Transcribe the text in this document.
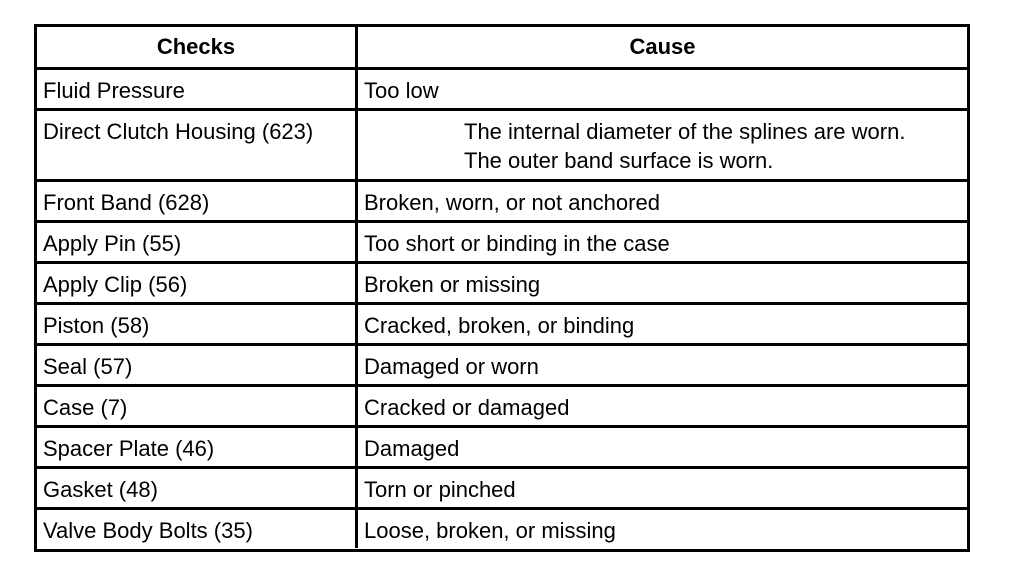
Checks	Cause
Fluid Pressure	Too low
Direct Clutch Housing (623)	The internal diameter of the splines are worn.
The outer band surface is worn.
Front Band (628)	Broken, worn, or not anchored
Apply Pin (55)	Too short or binding in the case
Apply Clip (56)	Broken or missing
Piston (58)	Cracked, broken, or binding
Seal (57)	Damaged or worn
Case (7)	Cracked or damaged
Spacer Plate (46)	Damaged
Gasket (48)	Torn or pinched
Valve Body Bolts (35)	Loose, broken, or missing
